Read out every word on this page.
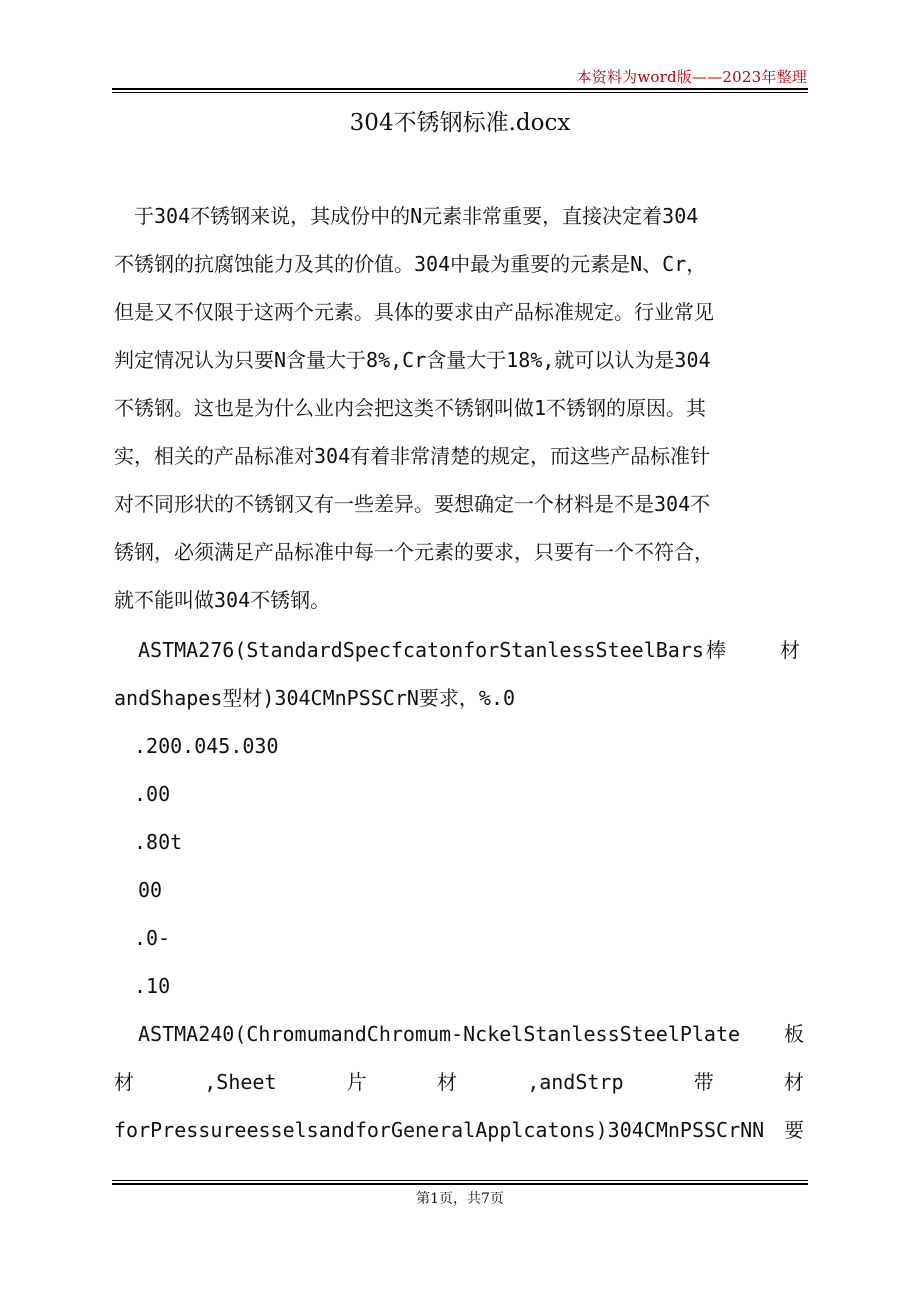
本资料为word版——2023年整理
304不锈钢标准.docx
　于304不锈钢来说，其成份中的N元素非常重要，直接决定着304
不锈钢的抗腐蚀能力及其的价值。304中最为重要的元素是N、Cr，
但是又不仅限于这两个元素。具体的要求由产品标准规定。行业常见
判定情况认为只要N含量大于8%,Cr含量大于18%,就可以认为是304
不锈钢。这也是为什么业内会把这类不锈钢叫做1不锈钢的原因。其
实，相关的产品标准对304有着非常清楚的规定，而这些产品标准针
对不同形状的不锈钢又有一些差异。要想确定一个材料是不是304不
锈钢，必须满足产品标准中每一个元素的要求，只要有一个不符合，
就不能叫做304不锈钢。
ASTMA276(StandardSpecfcatonforStanlessSteelBars 棒	材
andShapes型材)304CMnPSSCrN要求，%.0
.200.045.030
.00
.80t
00
.0-
.10
ASTMA240(ChromumandChromum-NckelStanlessSteelPlate 板
材	,Sheet	片	材	,andStrp	带	材
forPressureesselsandforGeneralApplcatons)304CMnPSSCrNN 要
第1页，共7页
